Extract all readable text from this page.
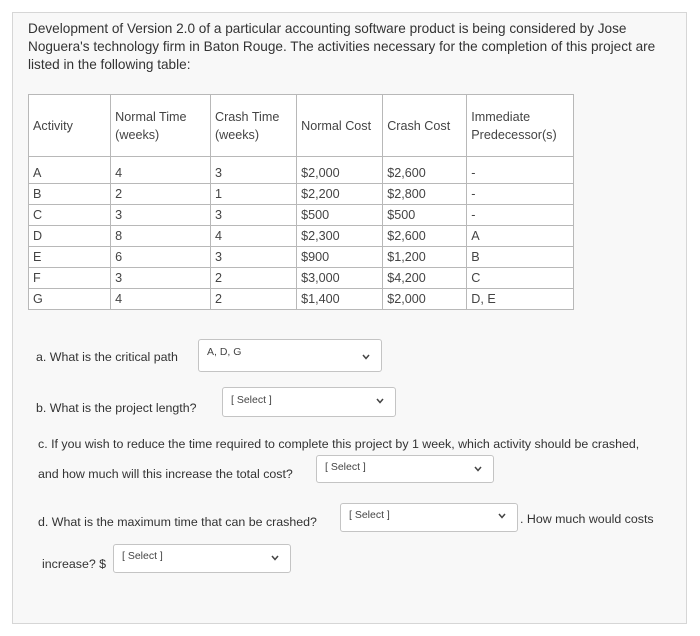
Development of Version 2.0 of a particular accounting software product is being considered by Jose Noguera's technology firm in Baton Rouge. The activities necessary for the completion of this project are listed in the following table:
Activity	Normal Time (weeks)	Crash Time (weeks)	Normal Cost	Crash Cost	Immediate Predecessor(s)
A	4	3	$2,000	$2,600	-
B	2	1	$2,200	$2,800	-
C	3	3	$500	$500	-
D	8	4	$2,300	$2,600	A
E	6	3	$900	$1,200	B
F	3	2	$3,000	$4,200	C
G	4	2	$1,400	$2,000	D, E
a. What is the critical path	A, D, G
b. What is the project length?
[ Select ]
c. If you wish to reduce the time required to complete this project by 1 week, which activity should be crashed,
and how much will this increase the total cost?	[ Select ]
d. What is the maximum time that can be crashed?	[ Select ]	. How much would costs
increase? $
[ Select ]
